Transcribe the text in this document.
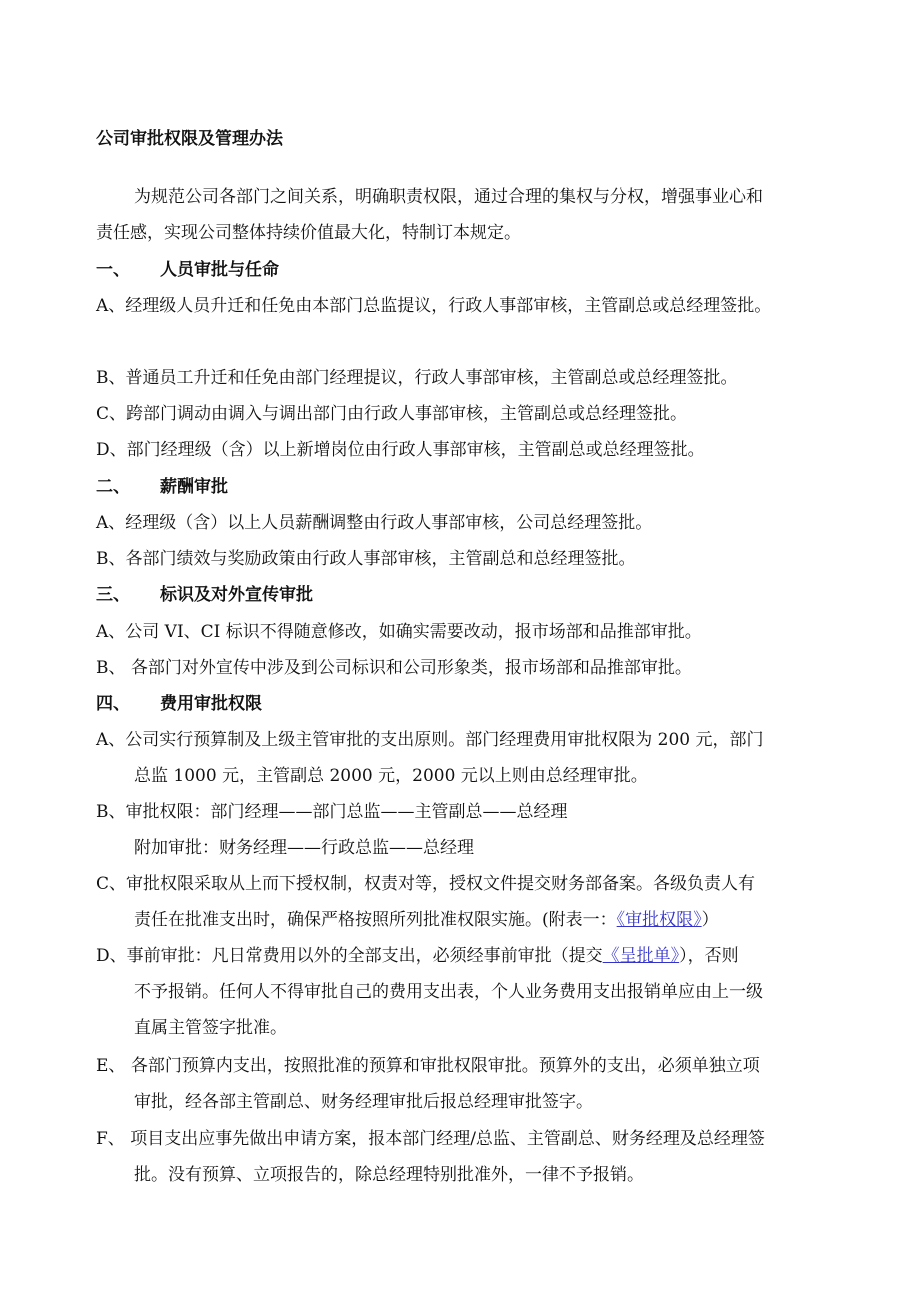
公司审批权限及管理办法
为规范公司各部门之间关系，明确职责权限，通过合理的集权与分权，增强事业心和
责任感，实现公司整体持续价值最大化，特制订本规定。
一、 人员审批与任命
A、经理级人员升迁和任免由本部门总监提议，行政人事部审核，主管副总或总经理签批。
B、普通员工升迁和任免由部门经理提议，行政人事部审核，主管副总或总经理签批。
C、跨部门调动由调入与调出部门由行政人事部审核，主管副总或总经理签批。
D、部门经理级（含）以上新增岗位由行政人事部审核，主管副总或总经理签批。
二、 薪酬审批
A、经理级（含）以上人员薪酬调整由行政人事部审核，公司总经理签批。
B、各部门绩效与奖励政策由行政人事部审核，主管副总和总经理签批。
三、 标识及对外宣传审批
A、公司 VI、CI 标识不得随意修改，如确实需要改动，报市场部和品推部审批。
B、 各部门对外宣传中涉及到公司标识和公司形象类，报市场部和品推部审批。
四、 费用审批权限
A、公司实行预算制及上级主管审批的支出原则。部门经理费用审批权限为 200 元，部门
总监 1000 元，主管副总 2000 元，2000 元以上则由总经理审批。
B、审批权限：部门经理——部门总监——主管副总——总经理
附加审批：财务经理——行政总监——总经理
C、审批权限采取从上而下授权制，权责对等，授权文件提交财务部备案。各级负责人有
责任在批准支出时，确保严格按照所列批准权限实施。(附表一：《审批权限》）
D、事前审批：凡日常费用以外的全部支出，必须经事前审批（提交《呈批单》），否则
不予报销。任何人不得审批自己的费用支出表，个人业务费用支出报销单应由上一级
直属主管签字批准。
E、 各部门预算内支出，按照批准的预算和审批权限审批。预算外的支出，必须单独立项
审批，经各部主管副总、财务经理审批后报总经理审批签字。
F、 项目支出应事先做出申请方案，报本部门经理/总监、主管副总、财务经理及总经理签
批。没有预算、立项报告的，除总经理特别批准外，一律不予报销。
